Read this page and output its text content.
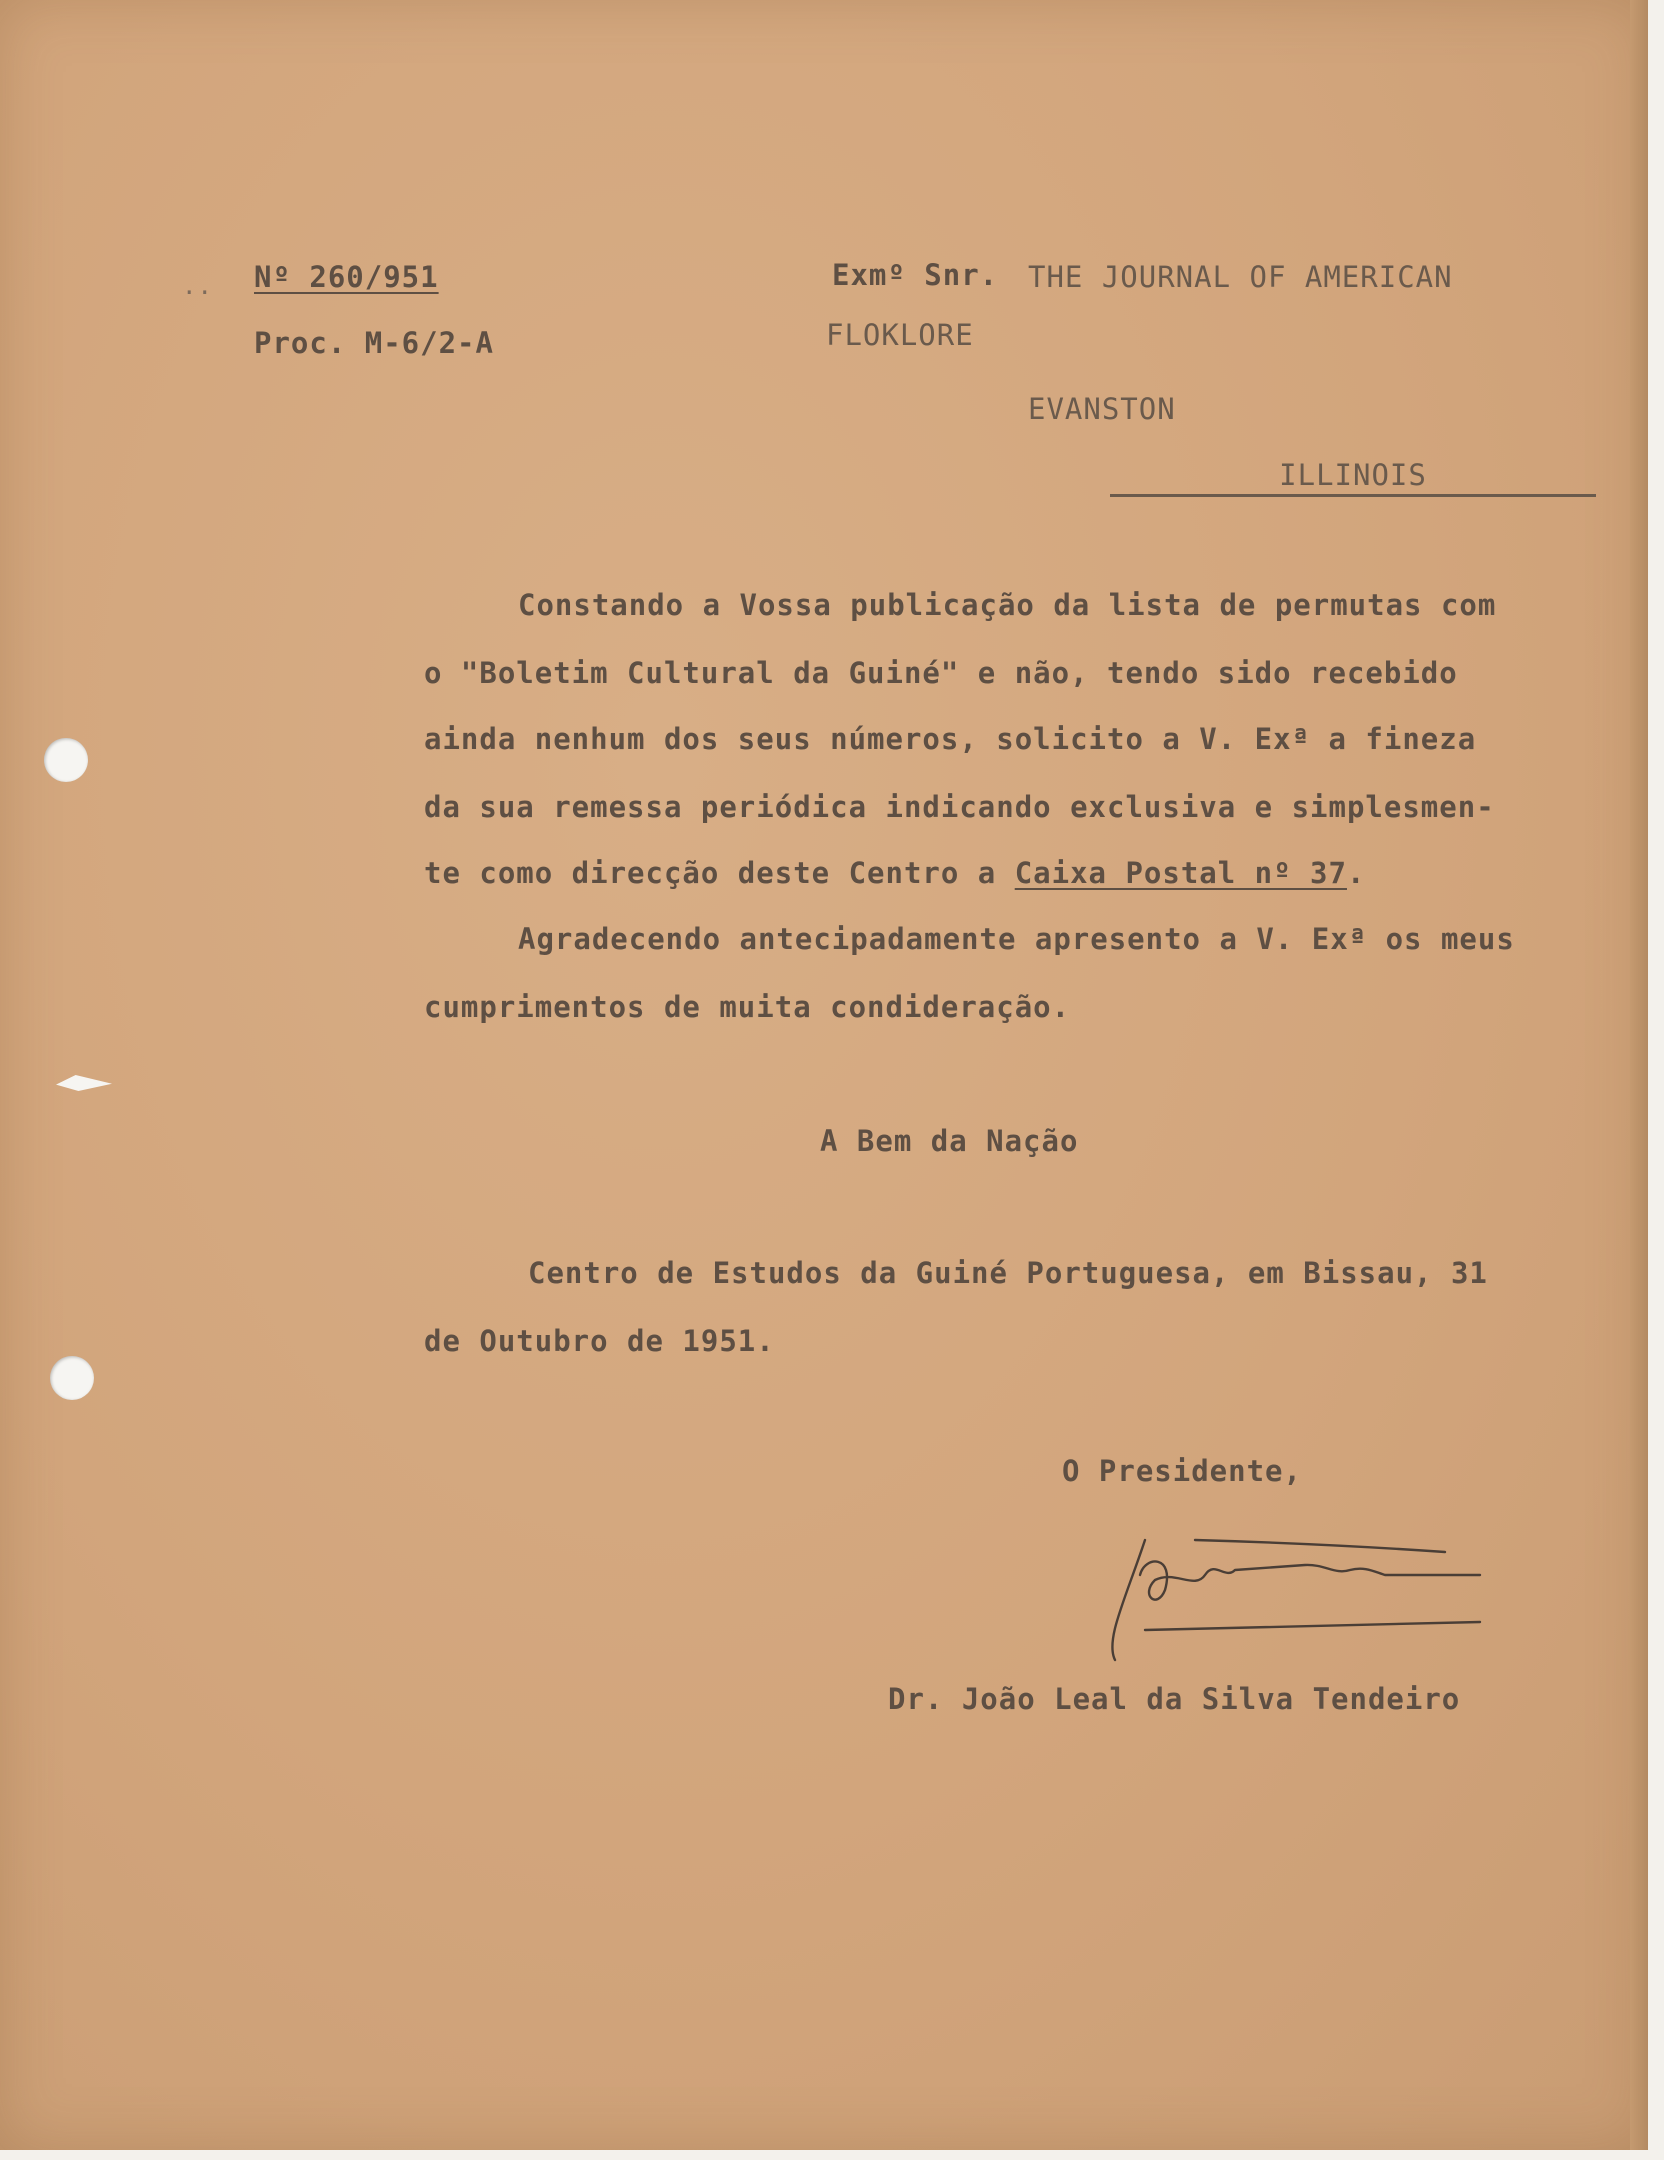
.. Nº 260/951
Proc. M-6/2-A
Exmº Snr. THE JOURNAL OF AMERICAN
FLOKLORE
EVANSTON
ILLINOIS
Constando a Vossa publicação da lista de permutas com
o "Boletim Cultural da Guiné" e não, tendo sido recebido
ainda nenhum dos seus números, solicito a V. Exª a fineza
da sua remessa periódica indicando exclusiva e simplesmen-
te como direcção deste Centro a Caixa Postal nº 37.
Agradecendo antecipadamente apresento a V. Exª os meus
cumprimentos de muita condideração.
A Bem da Nação
Centro de Estudos da Guiné Portuguesa, em Bissau, 31
de Outubro de 1951.
O Presidente,
Dr. João Leal da Silva Tendeiro
